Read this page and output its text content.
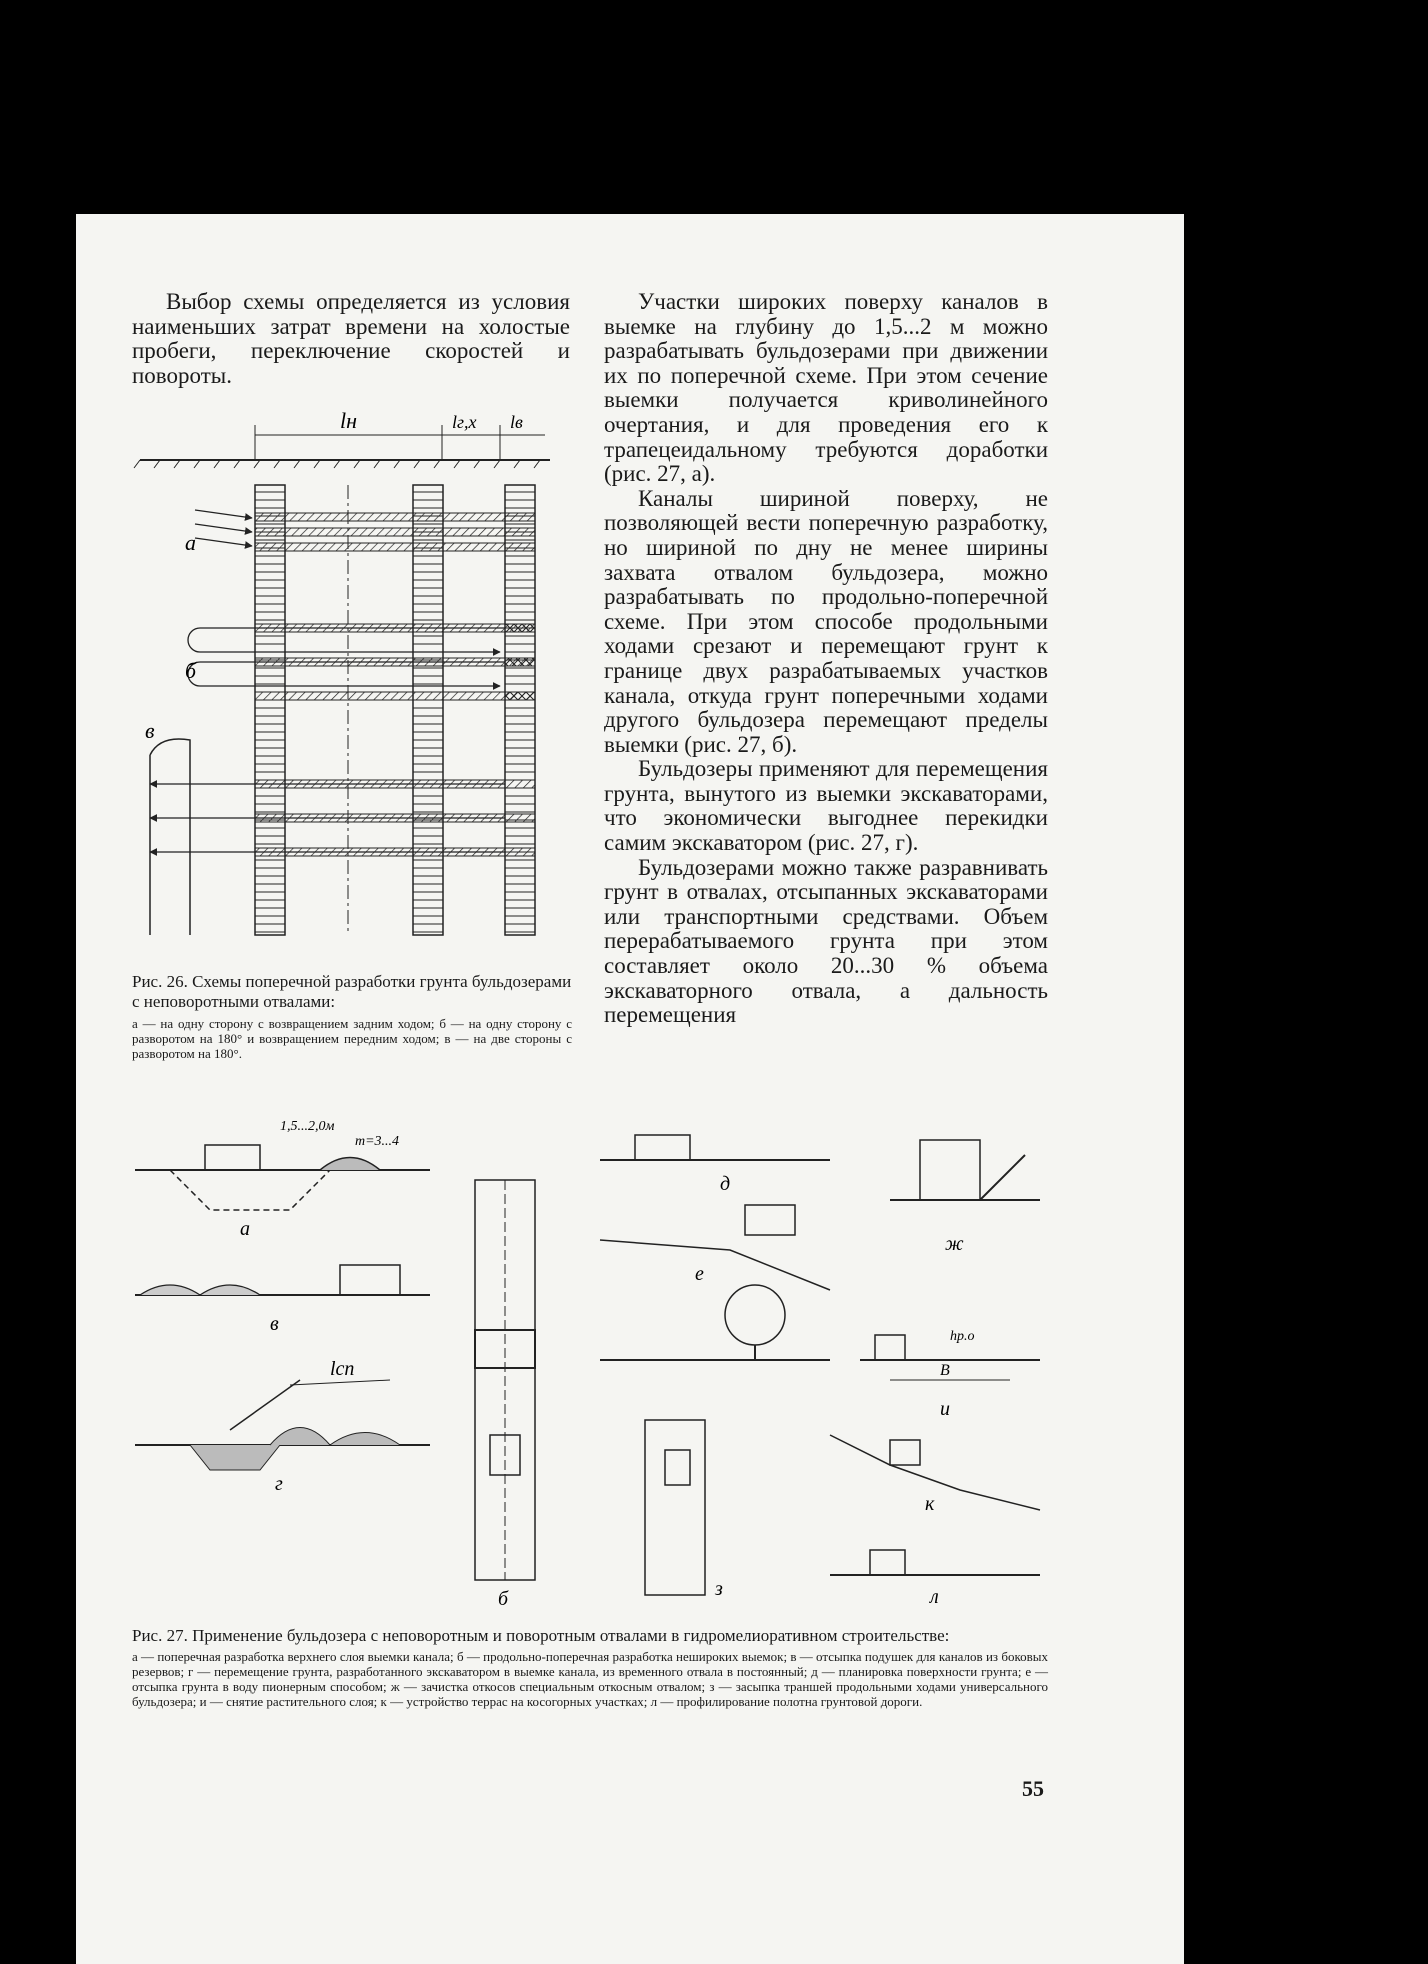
Выбор схемы определяется из условия наименьших затрат времени на холостые пробеги, переключение скоростей и повороты.

Участки широких поверху каналов в выемке на глубину до 1,5...2 м можно разрабатывать бульдозерами при движении их по поперечной схеме. При этом сечение выемки получается криволинейного очертания, и для проведения его к трапецеидальному требуются доработки (рис. 27, а).

Каналы шириной поверху, не позволяющей вести поперечную разработку, но шириной по дну не менее ширины захвата отвалом бульдозера, можно разрабатывать по продольно-поперечной схеме. При этом способе продольными ходами срезают и перемещают грунт к границе двух разрабатываемых участков канала, откуда грунт поперечными ходами другого бульдозера перемещают пределы выемки (рис. 27, б).

Бульдозеры применяют для перемещения грунта, вынутого из выемки экскаваторами, что экономически выгоднее перекидки самим экскаватором (рис. 27, г).

Бульдозерами можно также разравнивать грунт в отвалах, отсыпанных экскаваторами или транспортными средствами. Объем перерабатываемого грунта при этом составляет около 20...30 % объема экскаваторного отвала, а дальность перемещения

lн	lг,х lв
а
б
в

Рис. 26. Схемы поперечной разработки грунта бульдозерами с неповоротными отвалами:

а — на одну сторону с возвращением задним ходом; б — на одну сторону с разворотом на 180° и возвращением передним ходом; в — на две стороны с разворотом на 180°.

1,5...2,0м
m=3...4
а
в
lсп
г
б
д
е
ж
з
B
hр.о
и
к
л

Рис. 27. Применение бульдозера с неповоротным и поворотным отвалами в гидромелиоративном строительстве:

а — поперечная разработка верхнего слоя выемки канала; б — продольно-поперечная разработка неширокиx выемок; в — отсыпка подушек для каналов из боковых резервов; г — перемещение грунта, разработанного экскаватором в выемке канала, из временного отвала в постоянный; д — планировка поверхности грунта; е — отсыпка грунта в воду пионерным способом; ж — зачистка откосов специальным откосным отвалом; з — засыпка траншей продольными ходами универсального бульдозера; и — снятие растительного слоя; к — устройство террас на косогорных участках; л — профилирование полотна грунтовой дороги.

55
